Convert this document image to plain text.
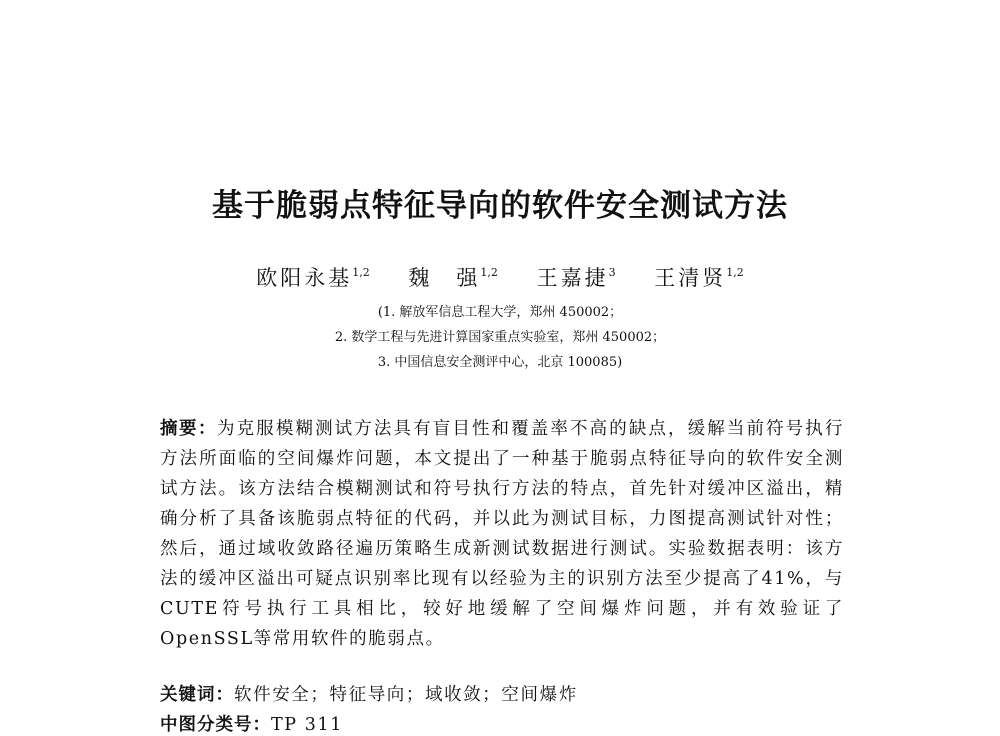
基于脆弱点特征导向的软件安全测试方法
欧阳永基$^{1,2}$ 魏　强$^{1,2}$ 王嘉捷$^3$ 王清贤$^{1,2}$
(1. 解放军信息工程大学，郑州 450002；
2. 数学工程与先进计算国家重点实验室，郑州 450002；
3. 中国信息安全测评中心，北京 100085)
摘要：为克服模糊测试方法具有盲目性和覆盖率不高的缺点，缓解当前符号执行方法所面临的空间爆炸问题，本文提出了一种基于脆弱点特征导向的软件安全测试方法。该方法结合模糊测试和符号执行方法的特点，首先针对缓冲区溢出，精确分析了具备该脆弱点特征的代码，并以此为测试目标，力图提高测试针对性；然后，通过域收敛路径遍历策略生成新测试数据进行测试。实验数据表明：该方法的缓冲区溢出可疑点识别率比现有以经验为主的识别方法至少提高了41%，与CUTE符号执行工具相比，较好地缓解了空间爆炸问题，并有效验证了OpenSSL等常用软件的脆弱点。
关键词：软件安全；特征导向；域收敛；空间爆炸
中图分类号：TP 311
